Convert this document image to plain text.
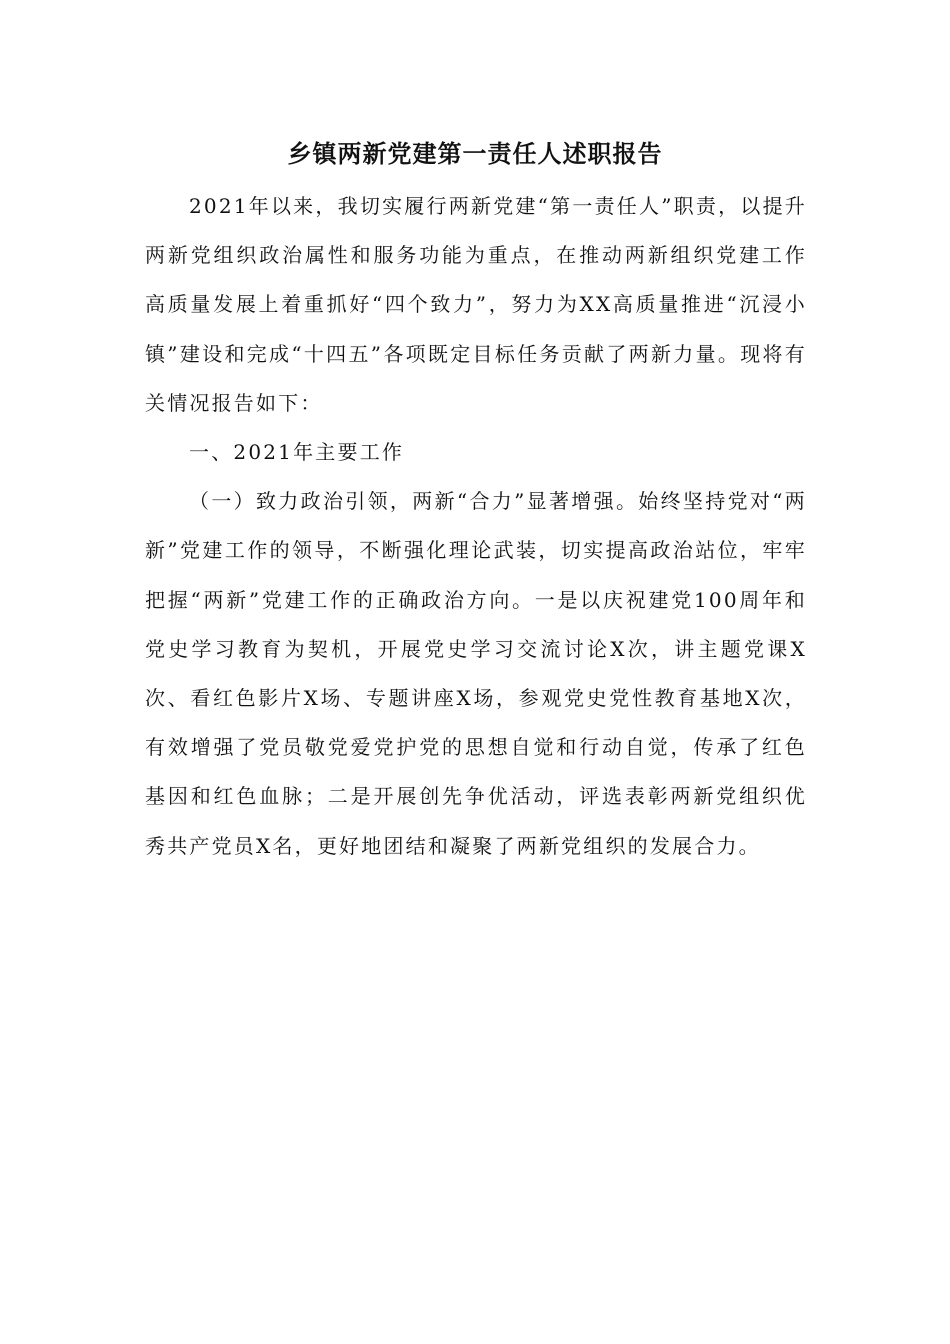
乡镇两新党建第一责任人述职报告

2021年以来，我切实履行两新党建“第一责任人”职责，以提升两新党组织政治属性和服务功能为重点，在推动两新组织党建工作高质量发展上着重抓好“四个致力”，努力为XX高质量推进“沉浸小镇”建设和完成“十四五”各项既定目标任务贡献了两新力量。现将有关情况报告如下：

一、2021年主要工作

（一）致力政治引领，两新“合力”显著增强。始终坚持党对“两新”党建工作的领导，不断强化理论武装，切实提高政治站位，牢牢把握“两新”党建工作的正确政治方向。一是以庆祝建党100周年和党史学习教育为契机，开展党史学习交流讨论X次，讲主题党课X次、看红色影片X场、专题讲座X场，参观党史党性教育基地X次，有效增强了党员敬党爱党护党的思想自觉和行动自觉，传承了红色基因和红色血脉；二是开展创先争优活动，评选表彰两新党组织优秀共产党员X名，更好地团结和凝聚了两新党组织的发展合力。
